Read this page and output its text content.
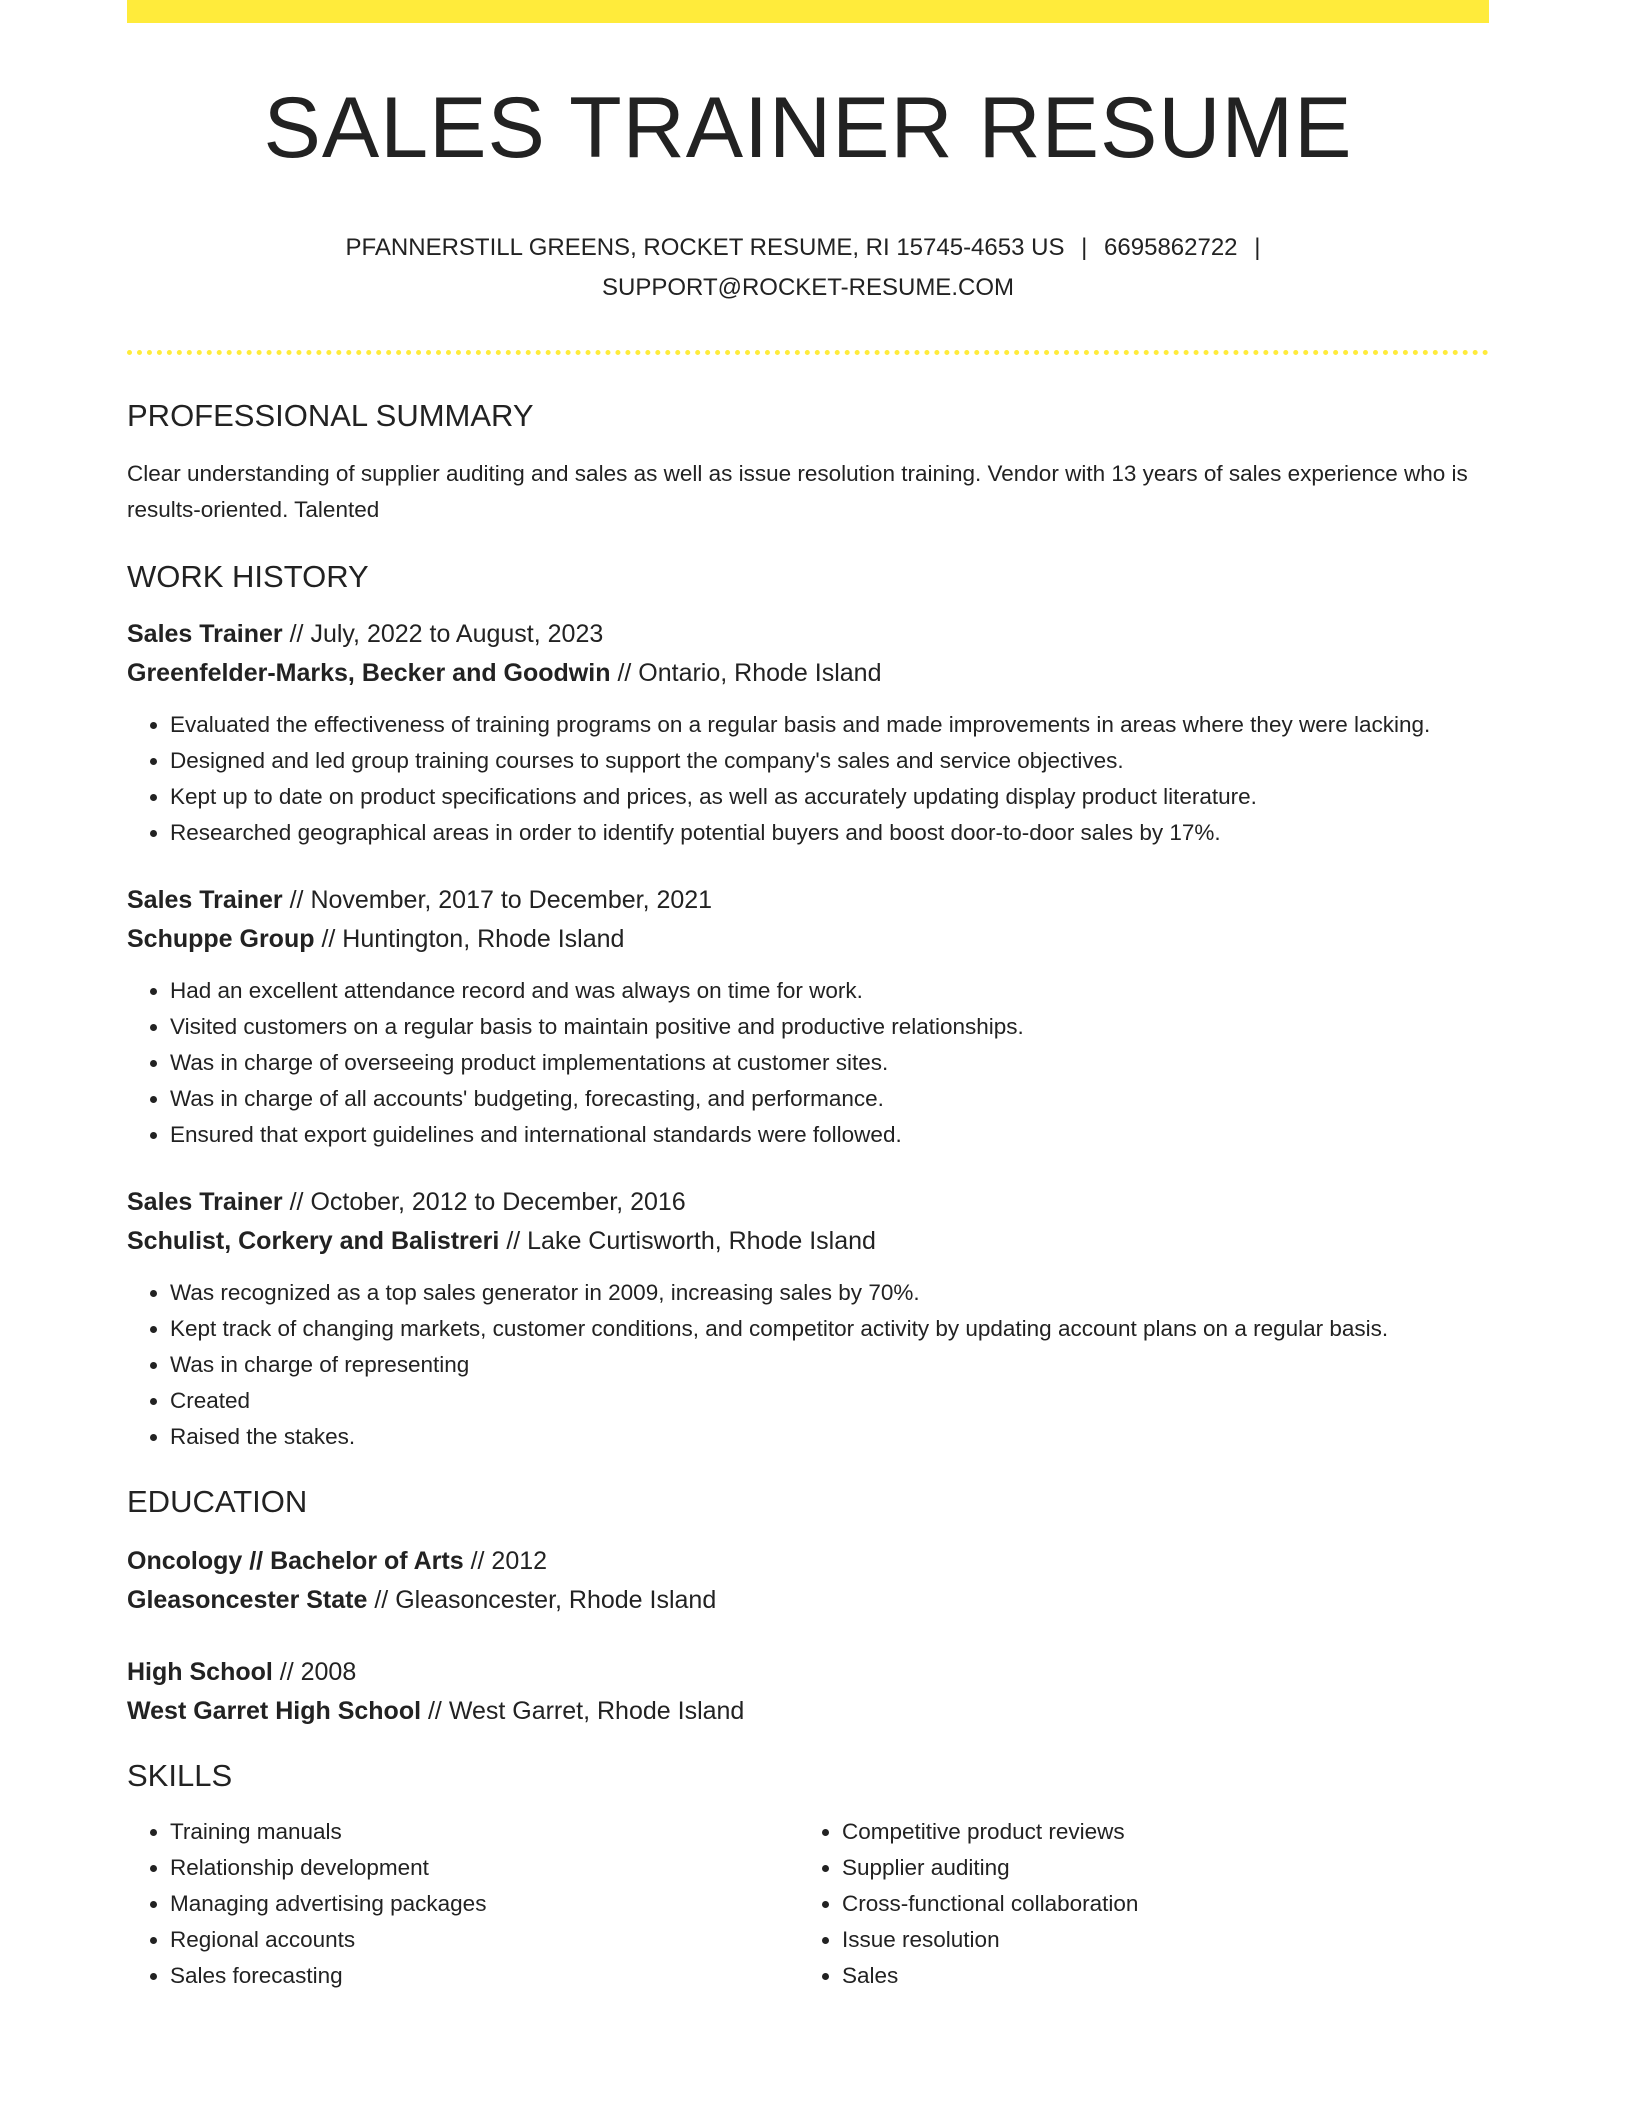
SALES TRAINER RESUME
PFANNERSTILL GREENS, ROCKET RESUME, RI 15745-4653 US | 6695862722 |
SUPPORT@ROCKET-RESUME.COM
PROFESSIONAL SUMMARY

Clear understanding of supplier auditing and sales as well as issue resolution training. Vendor with 13 years of sales experience who is results-oriented. Talented

WORK HISTORY
Sales Trainer // July, 2022 to August, 2023
Greenfelder-Marks, Becker and Goodwin // Ontario, Rhode Island
• Evaluated the effectiveness of training programs on a regular basis and made improvements in areas where they were lacking.
• Designed and led group training courses to support the company's sales and service objectives.
• Kept up to date on product specifications and prices, as well as accurately updating display product literature.
• Researched geographical areas in order to identify potential buyers and boost door-to-door sales by 17%.
Sales Trainer // November, 2017 to December, 2021
Schuppe Group // Huntington, Rhode Island
• Had an excellent attendance record and was always on time for work.
• Visited customers on a regular basis to maintain positive and productive relationships.
• Was in charge of overseeing product implementations at customer sites.
• Was in charge of all accounts' budgeting, forecasting, and performance.
• Ensured that export guidelines and international standards were followed.
Sales Trainer // October, 2012 to December, 2016
Schulist, Corkery and Balistreri // Lake Curtisworth, Rhode Island
• Was recognized as a top sales generator in 2009, increasing sales by 70%.
• Kept track of changing markets, customer conditions, and competitor activity by updating account plans on a regular basis.
• Was in charge of representing
• Created
• Raised the stakes.
EDUCATION
Oncology // Bachelor of Arts // 2012
Gleasoncester State // Gleasoncester, Rhode Island
High School // 2008
West Garret High School // West Garret, Rhode Island
SKILLS
• Training manuals
• Relationship development
• Managing advertising packages
• Regional accounts
• Sales forecasting
• Competitive product reviews
• Supplier auditing
• Cross-functional collaboration
• Issue resolution
• Sales
